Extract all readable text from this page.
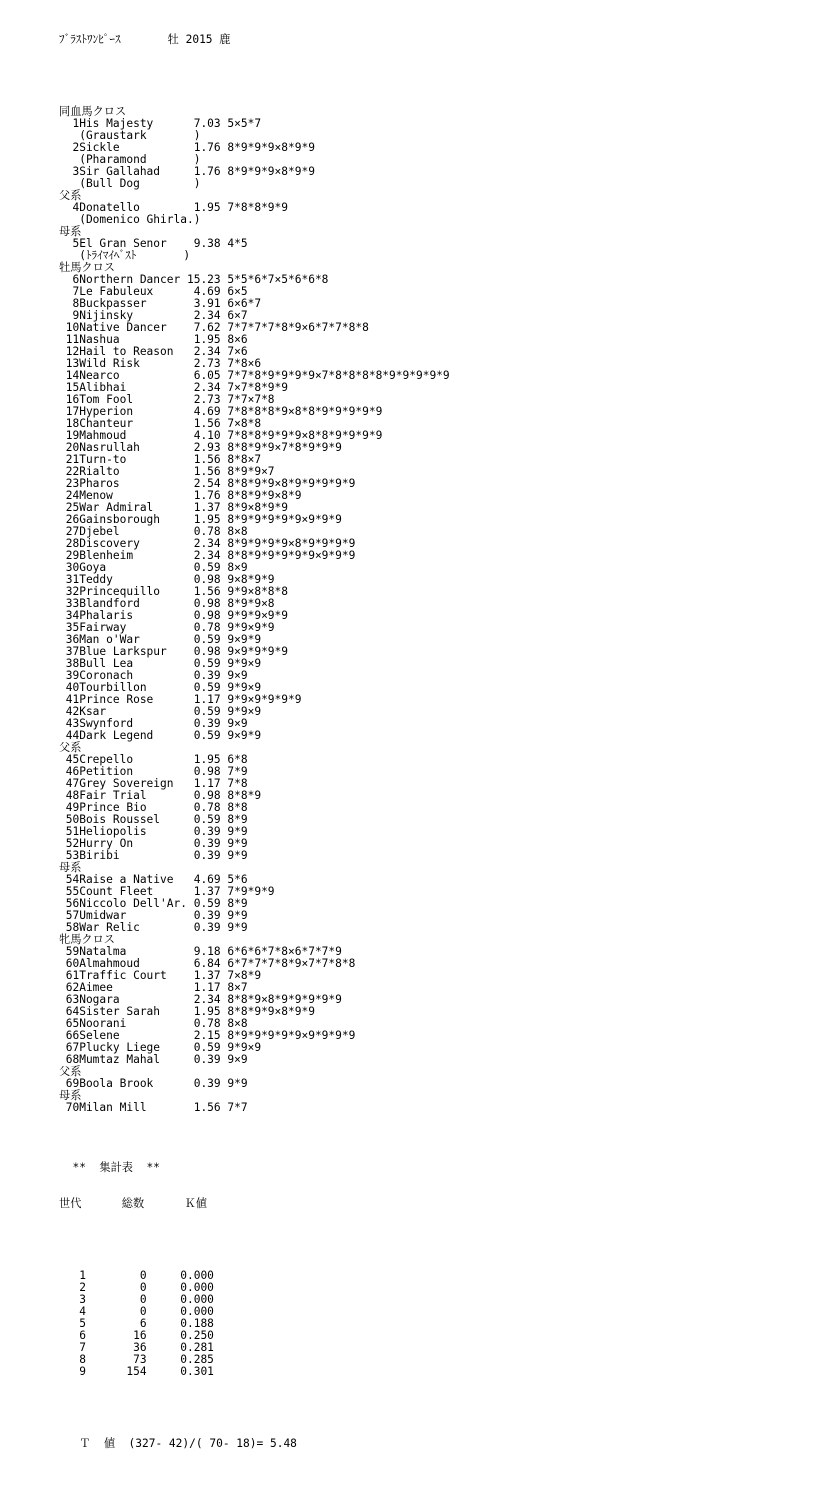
ﾌﾞﾗｽﾄﾜﾝﾋﾟｰｽ       牡 2015 鹿

同血馬クロス
1His Majesty      7.03 5×5*7
(Graustark       )
2Sickle           1.76 8*9*9*9×8*9*9
(Pharamond       )
3Sir Gallahad     1.76 8*9*9*9×8*9*9
(Bull Dog        )
父系
4Donatello        1.95 7*8*8*9*9
(Domenico Ghirla.)
母系
5El Gran Senor    9.38 4*5
(ﾄﾗｲﾏｲﾍﾞｽﾄ       )
牡馬クロス
6Northern Dancer 15.23 5*5*6*7×5*6*6*8
7Le Fabuleux      4.69 6×5
8Buckpasser       3.91 6×6*7
9Nijinsky         2.34 6×7
10Native Dancer    7.62 7*7*7*7*8*9×6*7*7*8*8
11Nashua           1.95 8×6
12Hail to Reason   2.34 7×6
13Wild Risk        2.73 7*8×6
14Nearco           6.05 7*7*8*9*9*9*9×7*8*8*8*8*9*9*9*9*9
15Alibhai          2.34 7×7*8*9*9
16Tom Fool         2.73 7*7×7*8
17Hyperion         4.69 7*8*8*8*9×8*8*9*9*9*9*9
18Chanteur         1.56 7×8*8
19Mahmoud          4.10 7*8*8*9*9*9×8*8*9*9*9*9
20Nasrullah        2.93 8*8*9*9×7*8*9*9*9
21Turn-to          1.56 8*8×7
22Rialto           1.56 8*9*9×7
23Pharos           2.54 8*8*9*9×8*9*9*9*9*9
24Menow            1.76 8*8*9*9×8*9
25War Admiral      1.37 8*9×8*9*9
26Gainsborough     1.95 8*9*9*9*9*9×9*9*9
27Djebel           0.78 8×8
28Discovery        2.34 8*9*9*9*9×8*9*9*9*9
29Blenheim         2.34 8*8*9*9*9*9*9×9*9*9
30Goya             0.59 8×9
31Teddy            0.98 9×8*9*9
32Princequillo     1.56 9*9×8*8*8
33Blandford        0.98 8*9*9×8
34Phalaris         0.98 9*9*9×9*9
35Fairway          0.78 9*9×9*9
36Man o'War        0.59 9×9*9
37Blue Larkspur    0.98 9×9*9*9*9
38Bull Lea         0.59 9*9×9
39Coronach         0.39 9×9
40Tourbillon       0.59 9*9×9
41Prince Rose      1.17 9*9×9*9*9*9
42Ksar             0.59 9*9×9
43Swynford         0.39 9×9
44Dark Legend      0.59 9×9*9
父系
45Crepello         1.95 6*8
46Petition         0.98 7*9
47Grey Sovereign   1.17 7*8
48Fair Trial       0.98 8*8*9
49Prince Bio       0.78 8*8
50Bois Roussel     0.59 8*9
51Heliopolis       0.39 9*9
52Hurry On         0.39 9*9
53Biribi           0.39 9*9
母系
54Raise a Native   4.69 5*6
55Count Fleet      1.37 7*9*9*9
56Niccolo Dell'Ar. 0.59 8*9
57Umidwar          0.39 9*9
58War Relic        0.39 9*9
牝馬クロス
59Natalma          9.18 6*6*6*7*8×6*7*7*9
60Almahmoud        6.84 6*7*7*7*8*9×7*7*8*8
61Traffic Court    1.37 7×8*9
62Aimee            1.17 8×7
63Nogara           2.34 8*8*9×8*9*9*9*9*9
64Sister Sarah     1.95 8*8*9*9×8*9*9
65Noorani          0.78 8×8
66Selene           2.15 8*9*9*9*9*9×9*9*9*9
67Plucky Liege     0.59 9*9×9
68Mumtaz Mahal     0.39 9×9
父系
69Boola Brook      0.39 9*9
母系
70Milan Mill       1.56 7*7

**  集計表  **

世代      総数      Ｋ値

1        0     0.000
2        0     0.000
3        0     0.000
4        0     0.000
5        6     0.188
6       16     0.250
7       36     0.281
8       73     0.285
9      154     0.301

Ｔ  値  (327- 42)/( 70- 18)= 5.48
